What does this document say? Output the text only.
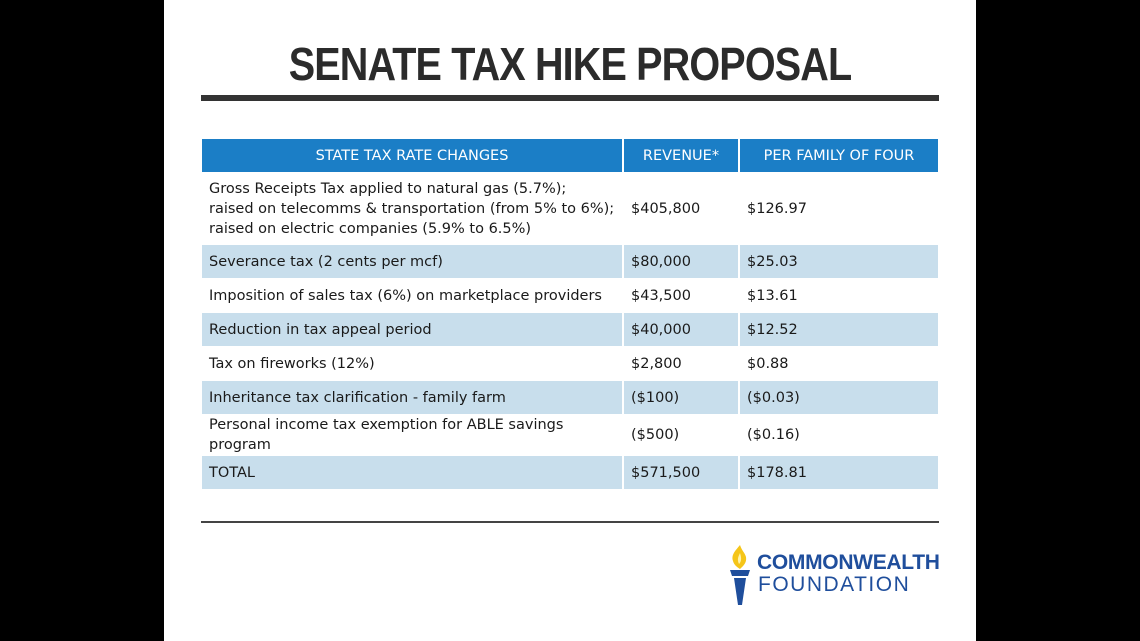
SENATE TAX HIKE PROPOSAL
STATE TAX RATE CHANGES	REVENUE*	PER FAMILY OF FOUR
Gross Receipts Tax applied to natural gas (5.7%);
raised on telecomms & transportation (from 5% to 6%);
raised on electric companies (5.9% to 6.5%)	$405,800	$126.97
Severance tax (2 cents per mcf)	$80,000	$25.03
Imposition of sales tax (6%) on marketplace providers	$43,500	$13.61
Reduction in tax appeal period	$40,000	$12.52
Tax on fireworks (12%)	$2,800	$0.88
Inheritance tax clarification - family farm	($100)	($0.03)
Personal income tax exemption for ABLE savings program	($500)	($0.16)
TOTAL	$571,500	$178.81
COMMONWEALTH
FOUNDATION
